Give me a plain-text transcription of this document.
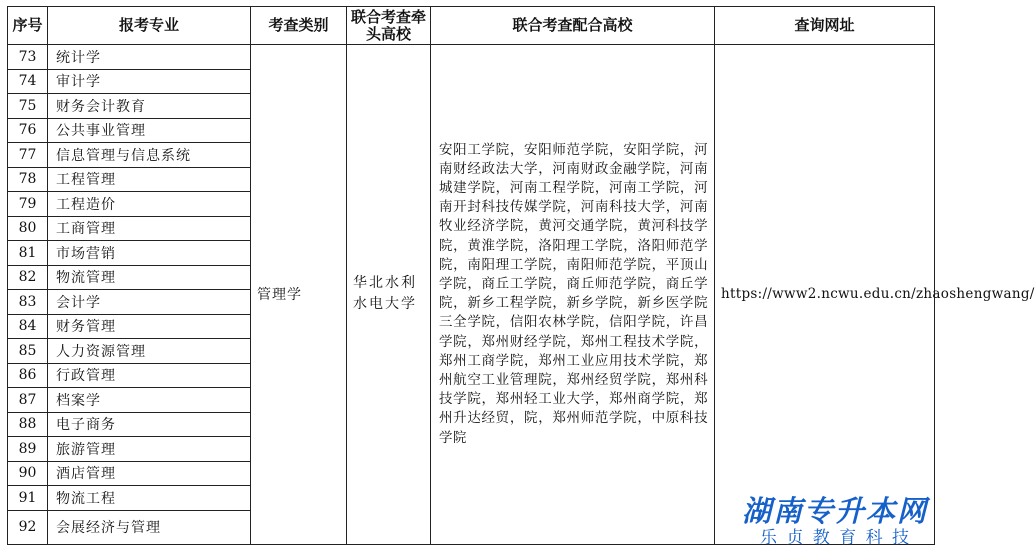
序号	报考专业	考查类别	联合考查牵头高校	联合考查配合高校	查询网址
73	统计学	管理学	华北水利水电大学	安阳工学院，安阳师范学院，安阳学院，河南财经政法大学，河南财政金融学院，河南城建学院，河南工程学院，河南工学院，河南开封科技传媒学院，河南科技大学，河南牧业经济学院，黄河交通学院，黄河科技学院，黄淮学院，洛阳理工学院，洛阳师范学院，南阳理工学院，南阳师范学院，平顶山学院，商丘工学院，商丘师范学院，商丘学院，新乡工程学院，新乡学院，新乡医学院三全学院，信阳农林学院，信阳学院，许昌学院，郑州财经学院，郑州工程技术学院，郑州工商学院，郑州工业应用技术学院，郑州航空工业管理院，郑州经贸学院，郑州科技学院，郑州轻工业大学，郑州商学院，郑州升达经贸，院，郑州师范学院，中原科技学院	https://www2.ncwu.edu.cn/zhaoshengwang/
74	审计学				
75	财务会计教育				
76	公共事业管理				
77	信息管理与信息系统				
78	工程管理				
79	工程造价				
80	工商管理				
81	市场营销				
82	物流管理				
83	会计学				
84	财务管理				
85	人力资源管理				
86	行政管理				
87	档案学				
88	电子商务				
89	旅游管理				
90	酒店管理				
91	物流工程				
92	会展经济与管理					湖南专升本网
乐 贞 教 育 科 技
